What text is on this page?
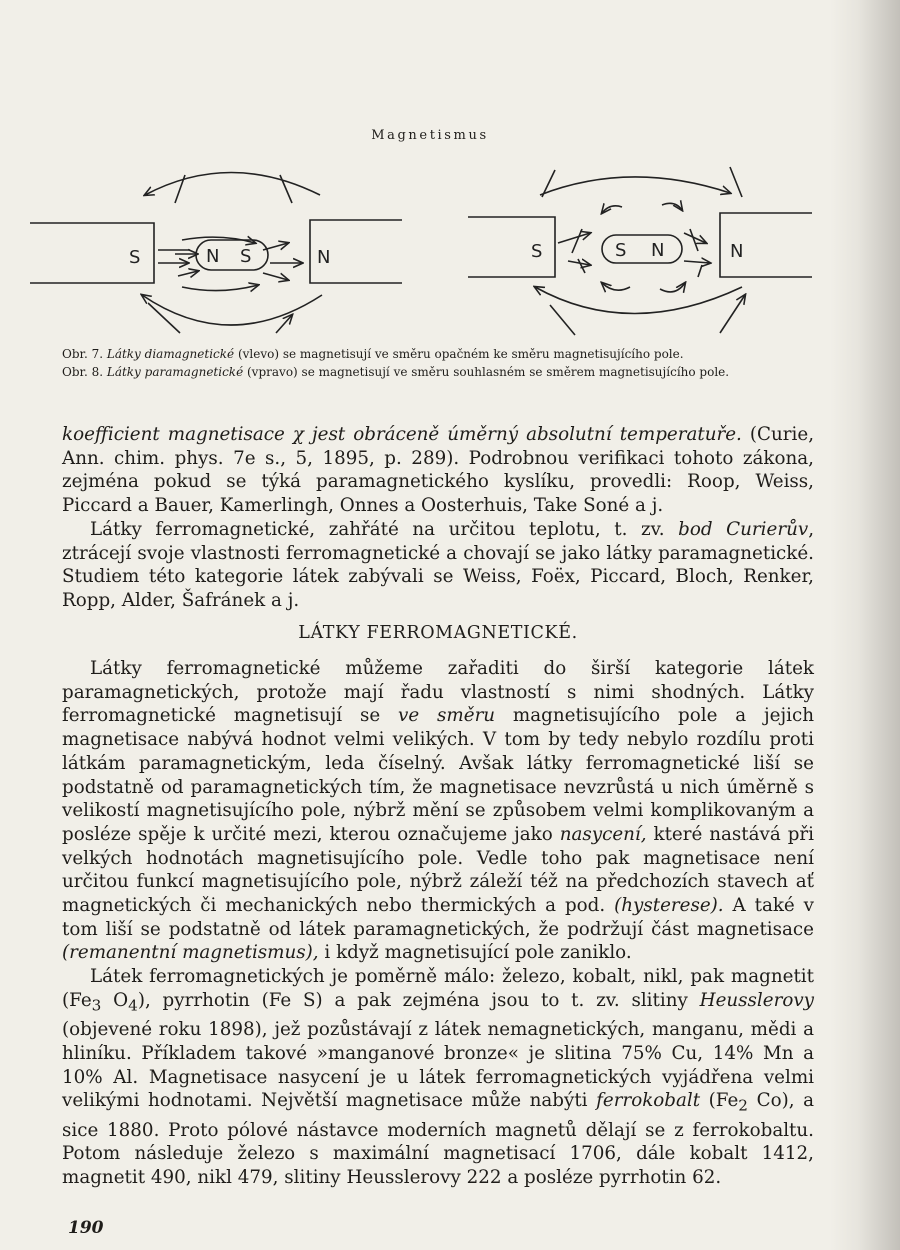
Magnetismus
S	N
N S	S	N
S N
Obr. 7. Látky diamagnetické (vlevo) se magnetisují ve směru opačném ke směru magnetisujícího pole.
Obr. 8. Látky paramagnetické (vpravo) se magnetisují ve směru souhlasném se směrem magnetisujícího pole.

koefficient magnetisace χ jest obráceně úměrný absolutní temperatuře. (Curie, Ann. chim. phys. 7e s., 5, 1895, p. 289). Podrobnou verifikaci tohoto zákona, zejména pokud se týká paramagnetického kyslíku, provedli: Roop, Weiss, Piccard a Bauer, Kamerlingh, Onnes a Oosterhuis, Take Soné a j.

Látky ferromagnetické, zahřáté na určitou teplotu, t. zv. bod Curierův, ztrácejí svoje vlastnosti ferromagnetické a chovají se jako látky paramagnetické. Studiem této kategorie látek zabývali se Weiss, Foëx, Piccard, Bloch, Renker, Ropp, Alder, Šafránek a j.

LÁTKY FERROMAGNETICKÉ.

Látky ferromagnetické můžeme zařaditi do širší kategorie látek paramagnetických, protože mají řadu vlastností s nimi shodných. Látky ferromagnetické magnetisují se ve směru magnetisujícího pole a jejich magnetisace nabývá hodnot velmi velikých. V tom by tedy nebylo rozdílu proti látkám paramagnetickým, leda číselný. Avšak látky ferromagnetické liší se podstatně od paramagnetických tím, že magnetisace nevzrůstá u nich úměrně s velikostí magnetisujícího pole, nýbrž mění se způsobem velmi komplikovaným a posléze spěje k určité mezi, kterou označujeme jako nasycení, které nastává při velkých hodnotách magnetisujícího pole. Vedle toho pak magnetisace není určitou funkcí magnetisujícího pole, nýbrž záleží též na předchozích stavech ať magnetických či mechanických nebo thermických a pod. (hysterese). A také v tom liší se podstatně od látek paramagnetických, že podržují část magnetisace (remanentní magnetismus), i když magnetisující pole zaniklo.

Látek ferromagnetických je poměrně málo: železo, kobalt, nikl, pak magnetit ($Fe_3$ $O_4$), pyrrhotin (Fe S) a pak zejména jsou to t. zv. slitiny Heusslerovy (objevené roku 1898), jež pozůstávají z látek nemagnetických, manganu, mědi a hliníku. Příkladem takové »manganové bronze« je slitina 75% Cu, 14% Mn a 10% Al. Magnetisace nasycení je u látek ferromagnetických vyjádřena velmi velikými hodnotami. Největší magnetisace může nabýti ferrokobalt ($Fe_2$ Co), a sice 1880. Proto pólové nástavce moderních magnetů dělají se z ferrokobaltu. Potom následuje železo s maximální magnetisací 1706, dále kobalt 1412, magnetit 490, nikl 479, slitiny Heusslerovy 222 a posléze pyrrhotin 62.

190
